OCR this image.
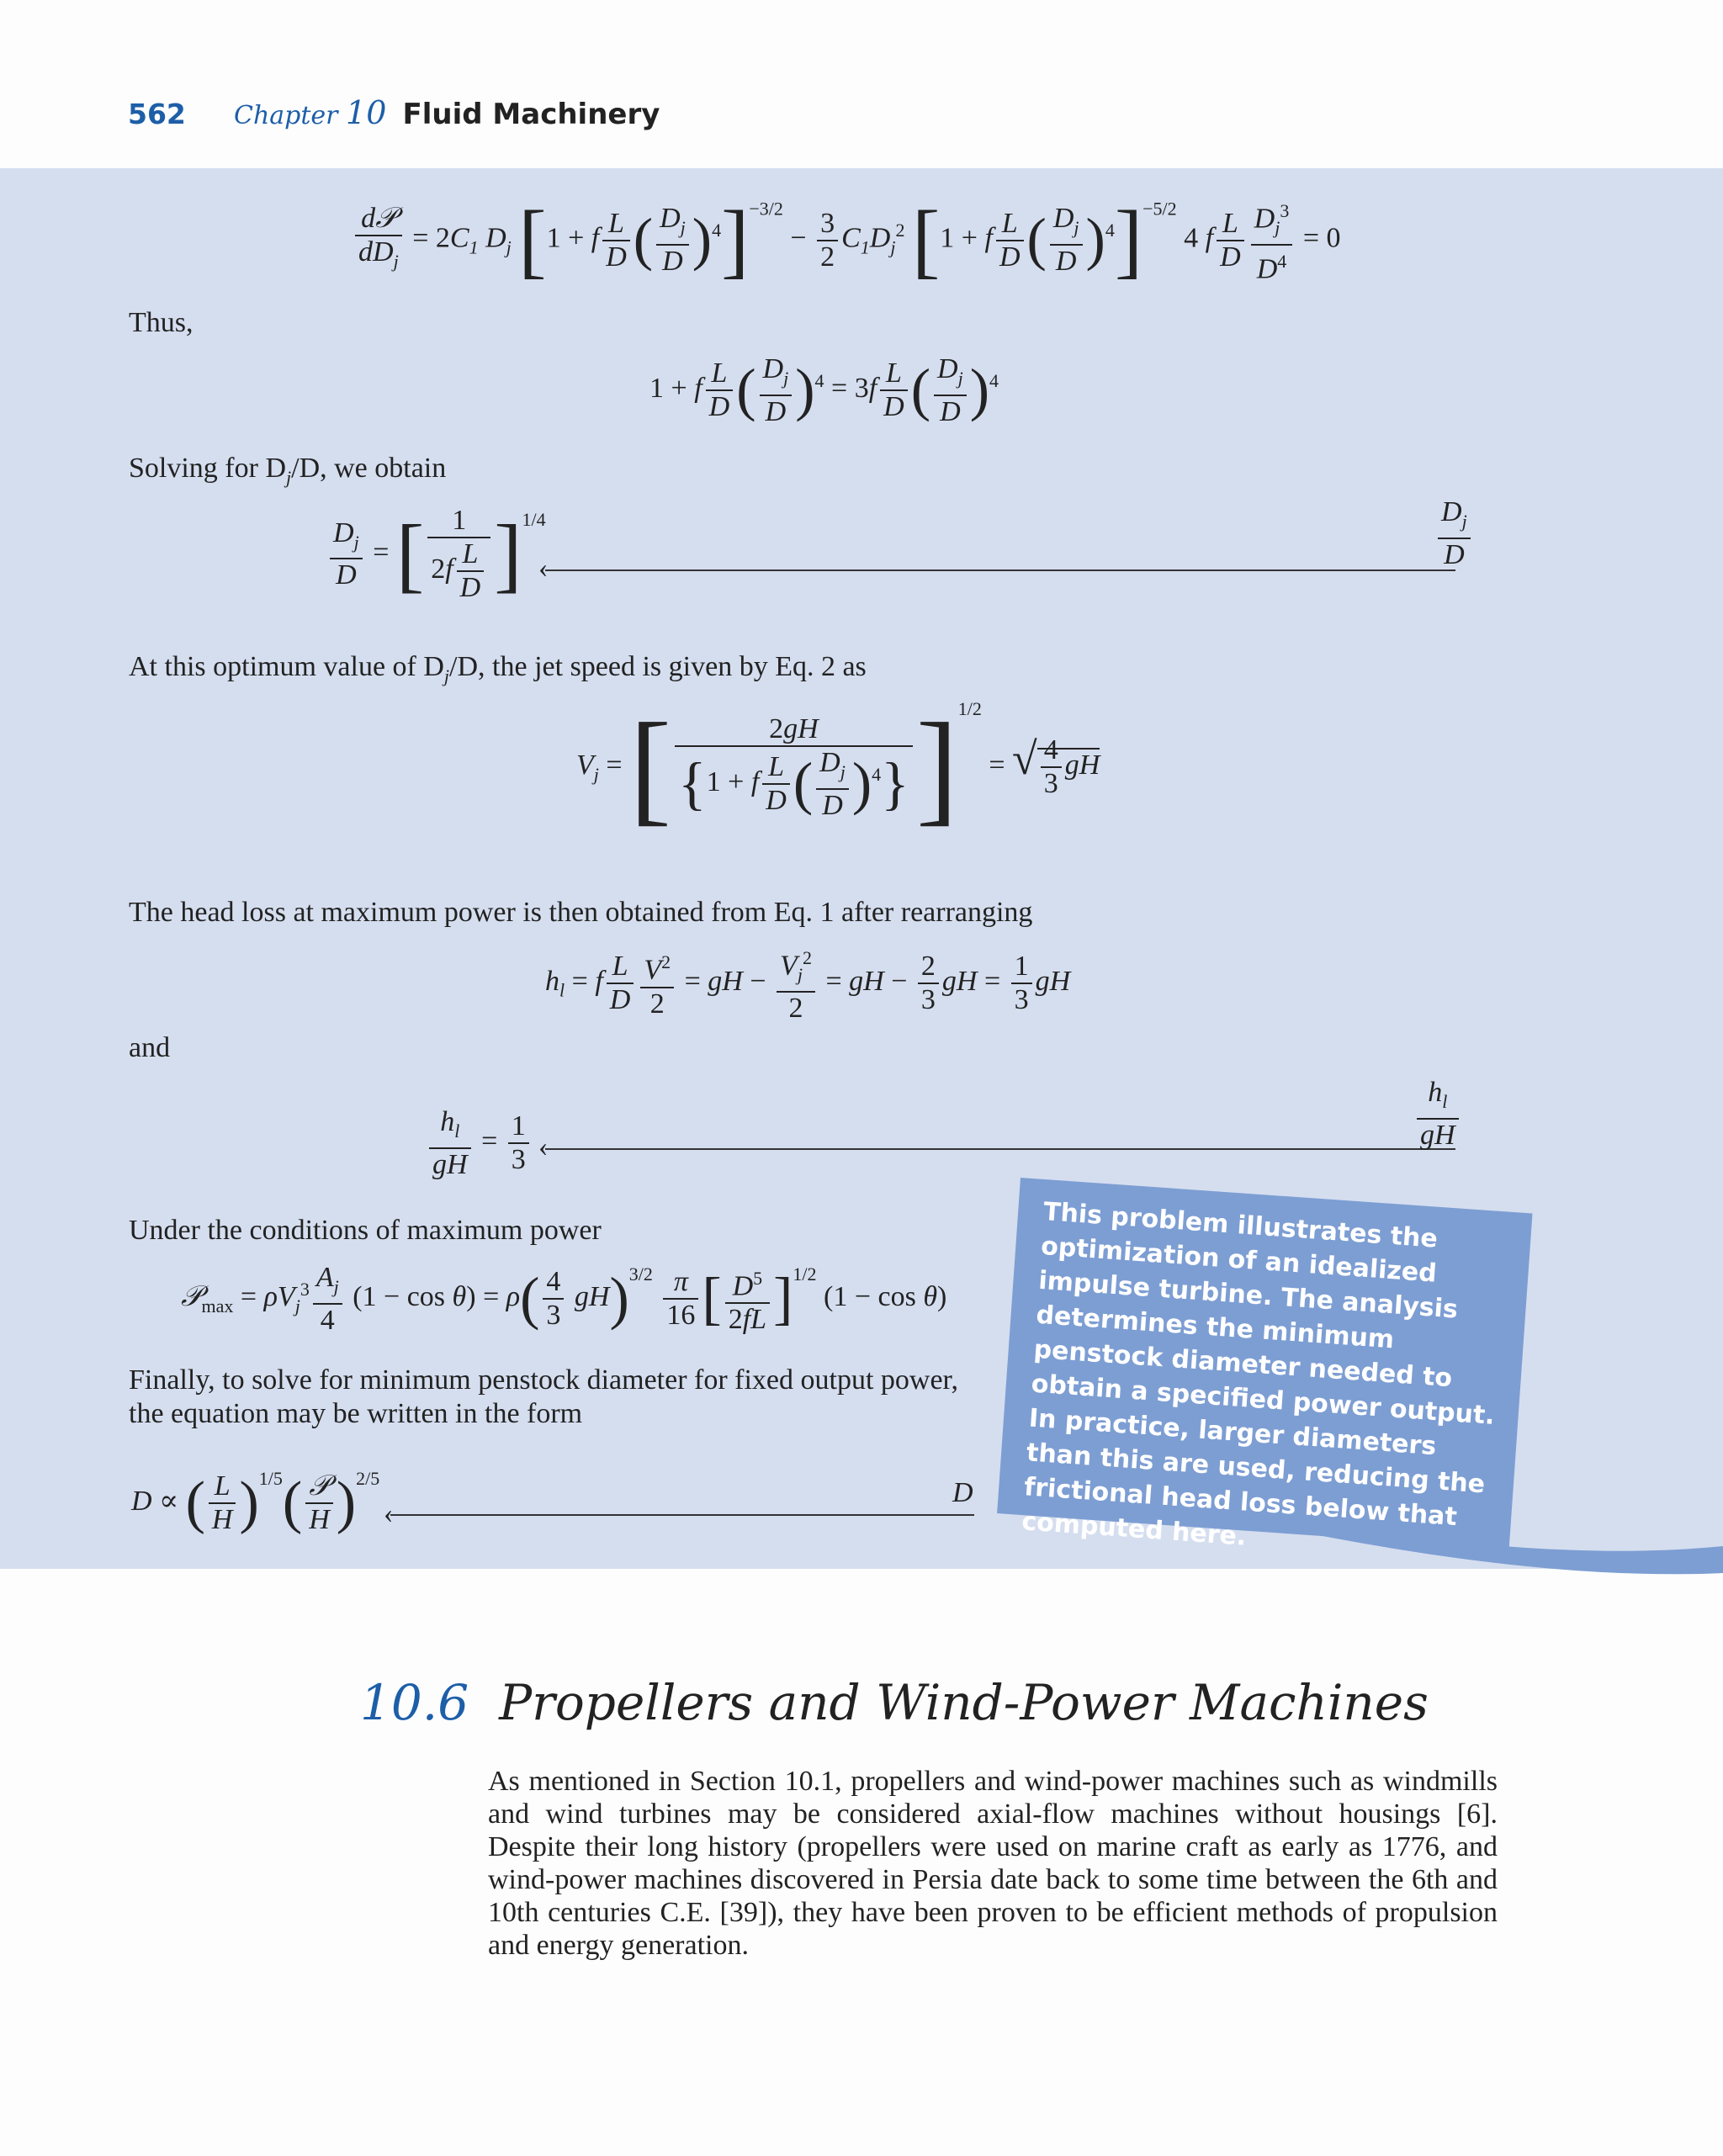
562 Chapter 10 Fluid Machinery
$\frac{\text{d𝒫}}{dD_j} = 2C_1$ $D_j$ [1 + f $\frac{L}{D}$ ( $\frac{D_j}{D} )^4]^{-3/2} - \frac{3}{2} C_1D_j^2$ [1 + f $\frac{L}{D}$ ( $\frac{D_j}{D} )^4]^{-5/2}$ 4 f $\frac{L}{D} \frac{D_j^3}{D^4} = 0$
Thus,
1 + f $\frac{L}{D}$ ( $\frac{D_j}{D} )^4 = 3f \frac{L}{D}$ ( $\frac{D_j}{D} )^4$
Solving for $D_j/D$, we obtain
$\frac{D_j}{D}$ = [ $\frac{1}{2f \frac{L}{D}} ]^{1/4}$
‹	$\frac{D_j}{D}$
At this optimum value of $D_j/D$, the jet speed is given by Eq. 2 as
$V_j$ = [ $\frac{2gH}{\{1 + f \frac{L}{D} ( \frac{D_j}{D} )^4\}} ]^{1/2}$ = √ $\frac{4}{3}$ gH
The head loss at maximum power is then obtained from Eq. 1 after rearranging
$h_l = f \frac{L}{D} \frac{V^2}{2}$ = gH − $\frac{V_j^2}{2}$ = gH − $\frac{2}{3}$ gH = $\frac{1}{3}$ gH
and
$\frac{h_l}{gH} = \frac{1}{3}$ ‹	$\frac{h_l}{gH}$
Under the conditions of maximum power
𝒫$_{max}$ = $\rho V_j^3 \frac{A_j}{4} (1 - \cos \theta) = \rho( \frac{4}{3} gH)^{3/2} \frac{\pi}{16}$ [ $\frac{D^5}{2fL} ]^{1/2}$ (1 − cos θ)
Finally, to solve for minimum penstock diameter for fixed output power,
the equation may be written in the form
D ∝ ( $\frac{L}{H} )^{1/5}( \frac{\text{𝒫}}{H} )^{2/5}$
‹
D
This problem illustrates the optimization of an idealized impulse turbine. The analysis determines the minimum penstock diameter needed to obtain a specified power output. In practice, larger diameters than this are used, reducing the frictional head loss below that computed here.
10.6 Propellers and Wind-Power Machines
As mentioned in Section 10.1, propellers and wind-power machines such as windmills and wind turbines may be considered axial-flow machines without housings [6]. Despite their long history (propellers were used on marine craft as early as 1776, and wind-power machines discovered in Persia date back to some time between the 6th and 10th centuries C.E. [39]), they have been proven to be efficient methods of propulsion and energy generation.
